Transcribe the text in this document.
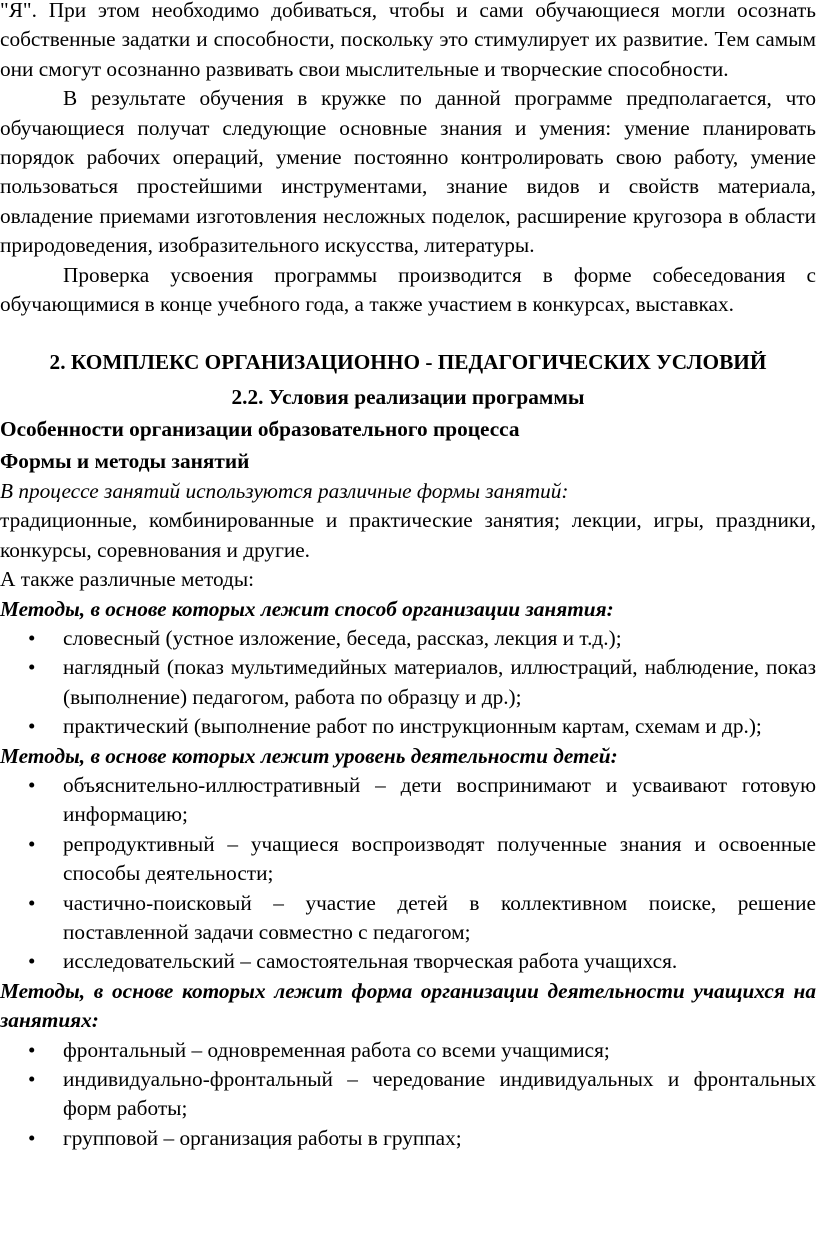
"Я". При этом необходимо добиваться, чтобы и сами обучающиеся могли осознать собственные задатки и способности, поскольку это стимулирует их развитие. Тем самым они смогут осознанно развивать свои мыслительные и творческие способности.

В результате обучения в кружке по данной программе предполагается, что обучающиеся получат следующие основные знания и умения: умение планировать порядок рабочих операций, умение постоянно контролировать свою работу, умение пользоваться простейшими инструментами, знание видов и свойств материала, овладение приемами изготовления несложных поделок, расширение кругозора в области природоведения, изобразительного искусства, литературы.

Проверка усвоения программы производится в форме собеседования с обучающимися в конце учебного года, а также участием в конкурсах, выставках.

2. КОМПЛЕКС ОРГАНИЗАЦИОННО - ПЕДАГОГИЧЕСКИХ УСЛОВИЙ
2.2. Условия реализации программы
Особенности организации образовательного процесса
Формы и методы занятий

В процессе занятий используются различные формы занятий:

традиционные, комбинированные и практические занятия; лекции, игры, праздники, конкурсы, соревнования и другие.

А также различные методы:

Методы, в основе которых лежит способ организации занятия:

• словесный (устное изложение, беседа, рассказ, лекция и т.д.);
• наглядный (показ мультимедийных материалов, иллюстраций, наблюдение, показ (выполнение) педагогом, работа по образцу и др.);
• практический (выполнение работ по инструкционным картам, схемам и др.);

Методы, в основе которых лежит уровень деятельности детей:

• объяснительно-иллюстративный – дети воспринимают и усваивают готовую информацию;
• репродуктивный – учащиеся воспроизводят полученные знания и освоенные способы деятельности;
• частично-поисковый – участие детей в коллективном поиске, решение поставленной задачи совместно с педагогом;
• исследовательский – самостоятельная творческая работа учащихся.

Методы, в основе которых лежит форма организации деятельности учащихся на занятиях:

• фронтальный – одновременная работа со всеми учащимися;
• индивидуально-фронтальный – чередование индивидуальных и фронтальных форм работы;
• групповой – организация работы в группах;
